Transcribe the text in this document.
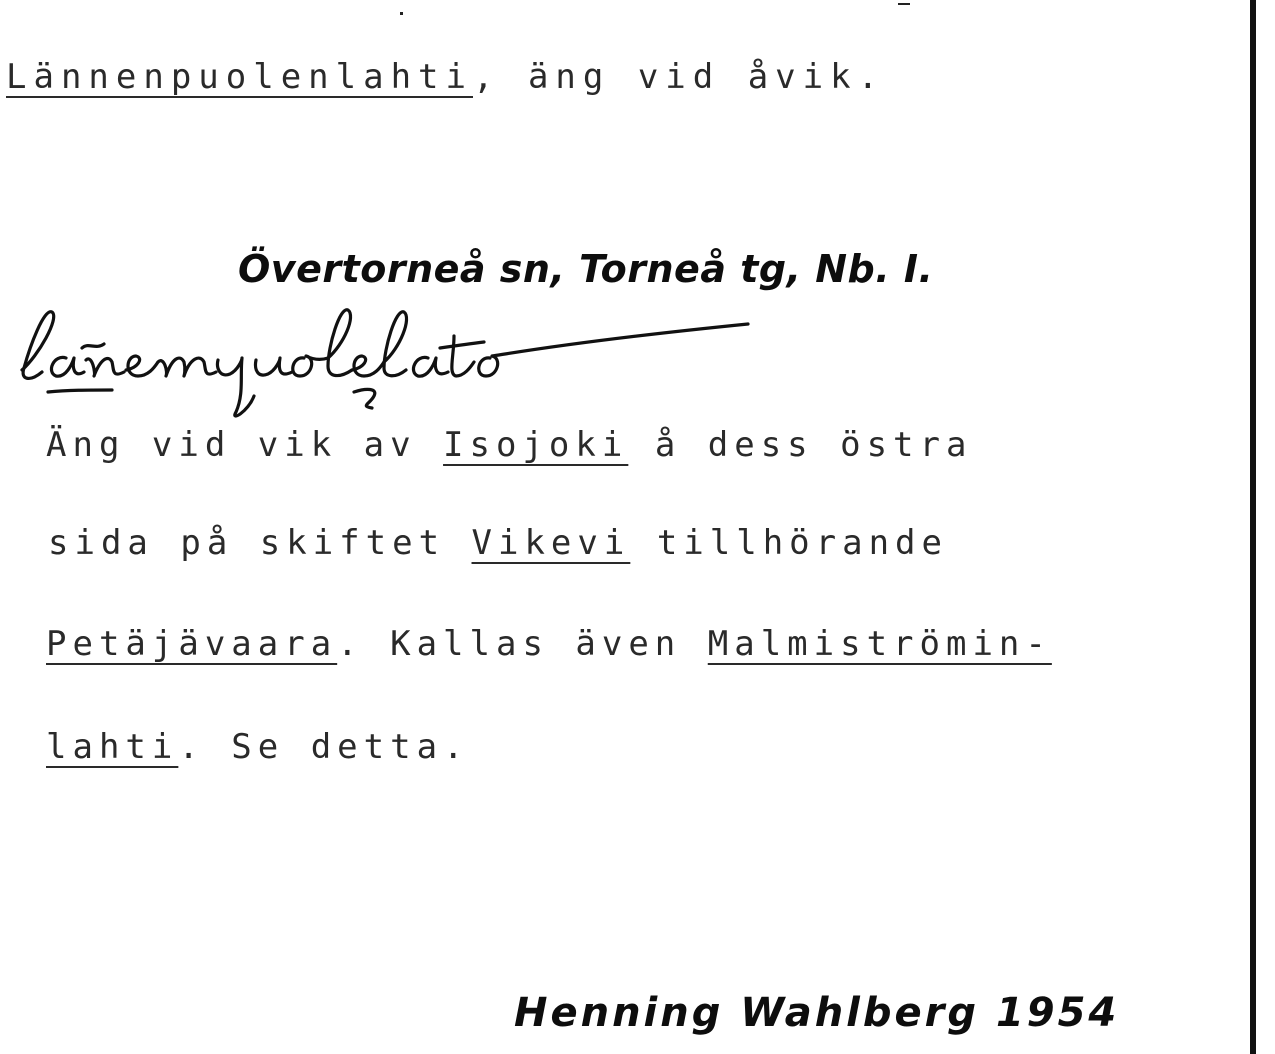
Lännenpuolenlahti, äng vid åvik.
Övertorneå sn, Torneå tg, Nb. I.
Äng vid vik av Isojoki å dess östra
sida på skiftet Vikevi tillhörande
Petäjävaara. Kallas även Malmiströmin-
lahti. Se detta.
Henning Wahlberg 1954
